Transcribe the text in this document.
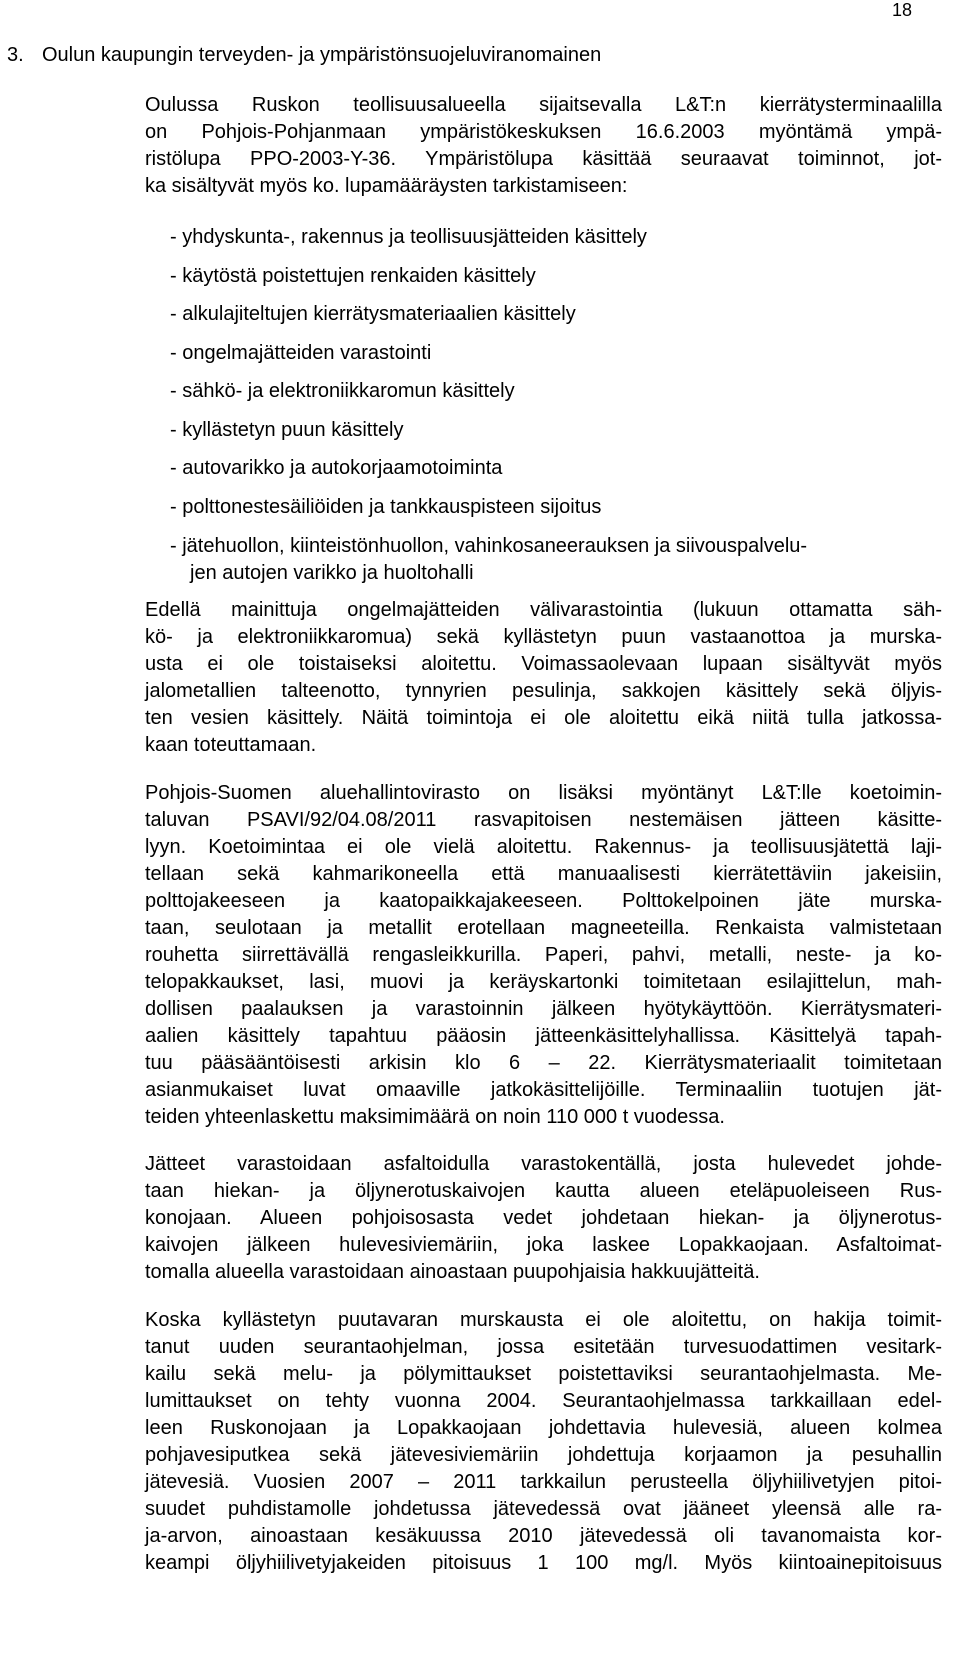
18
3. Oulun kaupungin terveyden- ja ympäristönsuojeluviranomainen
Oulussa Ruskon teollisuusalueella sijaitsevalla L&T:n kierrätysterminaalilla
on Pohjois-Pohjanmaan ympäristökeskuksen 16.6.2003 myöntämä ympä-
ristölupa PPO-2003-Y-36. Ympäristölupa käsittää seuraavat toiminnot, jot-
ka sisältyvät myös ko. lupamääräysten tarkistamiseen:
- yhdyskunta-, rakennus ja teollisuusjätteiden käsittely
- käytöstä poistettujen renkaiden käsittely
- alkulajiteltujen kierrätysmateriaalien käsittely
- ongelmajätteiden varastointi
- sähkö- ja elektroniikkaromun käsittely
- kyllästetyn puun käsittely
- autovarikko ja autokorjaamotoiminta
- polttonestesäiliöiden ja tankkauspisteen sijoitus
- jätehuollon, kiinteistönhuollon, vahinkosaneerauksen ja siivouspalvelu-
jen autojen varikko ja huoltohalli
Edellä mainittuja ongelmajätteiden välivarastointia (lukuun ottamatta säh-
kö- ja elektroniikkaromua) sekä kyllästetyn puun vastaanottoa ja murska-
usta ei ole toistaiseksi aloitettu. Voimassaolevaan lupaan sisältyvät myös
jalometallien talteenotto, tynnyrien pesulinja, sakkojen käsittely sekä öljyis-
ten vesien käsittely. Näitä toimintoja ei ole aloitettu eikä niitä tulla jatkossa-
kaan toteuttamaan.
Pohjois-Suomen aluehallintovirasto on lisäksi myöntänyt L&T:lle koetoimin-
taluvan PSAVI/92/04.08/2011 rasvapitoisen nestemäisen jätteen käsitte-
lyyn. Koetoimintaa ei ole vielä aloitettu. Rakennus- ja teollisuusjätettä laji-
tellaan sekä kahmarikoneella että manuaalisesti kierrätettäviin jakeisiin,
polttojakeeseen ja kaatopaikkajakeeseen. Polttokelpoinen jäte murska-
taan, seulotaan ja metallit erotellaan magneeteilla. Renkaista valmistetaan
rouhetta siirrettävällä rengasleikkurilla. Paperi, pahvi, metalli, neste- ja ko-
telopakkaukset, lasi, muovi ja keräyskartonki toimitetaan esilajittelun, mah-
dollisen paalauksen ja varastoinnin jälkeen hyötykäyttöön. Kierrätysmateri-
aalien käsittely tapahtuu pääosin jätteenkäsittelyhallissa. Käsittelyä tapah-
tuu pääsääntöisesti arkisin klo 6 – 22. Kierrätysmateriaalit toimitetaan
asianmukaiset luvat omaaville jatkokäsittelijöille. Terminaaliin tuotujen jät-
teiden yhteenlaskettu maksimimäärä on noin 110 000 t vuodessa.
Jätteet varastoidaan asfaltoidulla varastokentällä, josta hulevedet johde-
taan hiekan- ja öljynerotuskaivojen kautta alueen eteläpuoleiseen Rus-
konojaan. Alueen pohjoisosasta vedet johdetaan hiekan- ja öljynerotus-
kaivojen jälkeen hulevesiviemäriin, joka laskee Lopakkaojaan. Asfaltoimat-
tomalla alueella varastoidaan ainoastaan puupohjaisia hakkuujätteitä.
Koska kyllästetyn puutavaran murskausta ei ole aloitettu, on hakija toimit-
tanut uuden seurantaohjelman, jossa esitetään turvesuodattimen vesitark-
kailu sekä melu- ja pölymittaukset poistettaviksi seurantaohjelmasta. Me-
lumittaukset on tehty vuonna 2004. Seurantaohjelmassa tarkkaillaan edel-
leen Ruskonojaan ja Lopakkaojaan johdettavia hulevesiä, alueen kolmea
pohjavesiputkea sekä jätevesiviemäriin johdettuja korjaamon ja pesuhallin
jätevesiä. Vuosien 2007 – 2011 tarkkailun perusteella öljyhiilivetyjen pitoi-
suudet puhdistamolle johdetussa jätevedessä ovat jääneet yleensä alle ra-
ja-arvon, ainoastaan kesäkuussa 2010 jätevedessä oli tavanomaista kor-
keampi öljyhiilivetyjakeiden pitoisuus 1 100 mg/l. Myös kiintoainepitoisuus
